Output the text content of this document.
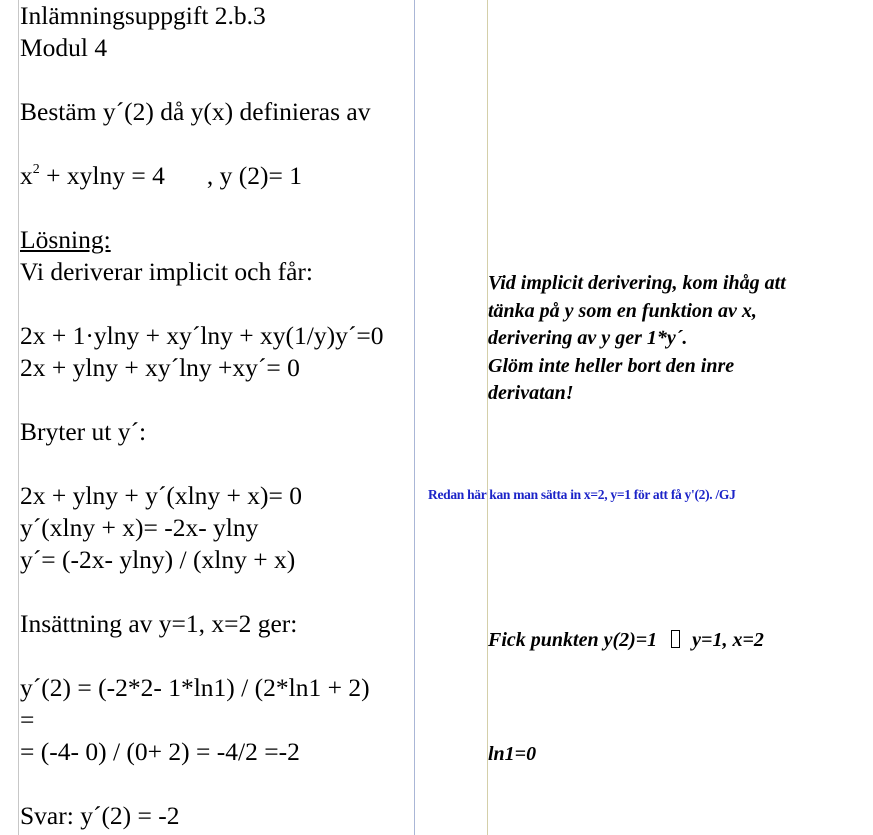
Inlämningsuppgift 2.b.3
Modul 4
Bestäm y´(2) då y(x) definieras av
$x^2 + xylny = 4$ , y (2)= 1
Lösning:
Vi deriverar implicit och får:
2x + 1·ylny + xy´lny + xy(1/y)y´=0
2x + ylny + xy´lny +xy´= 0
Bryter ut y´:
2x + ylny + y´(xlny + x)= 0
y´(xlny + x)= -2x- ylny
y´= (-2x- ylny) / (xlny + x)
Insättning av y=1, x=2 ger:
y´(2) = (-2*2- 1*ln1) / (2*ln1 + 2)
=
= (-4- 0) / (0+ 2) = -4/2 =-2
Svar: y´(2) = -2
Vid implicit derivering, kom ihåg att
tänka på y som en funktion av x,
derivering av y ger 1*y´.
Glöm inte heller bort den inre
derivatan!
Redan här kan man sätta in x=2, y=1 för att få y'(2). /GJ
Fick punkten y(2)=1 y=1, x=2
ln1=0
